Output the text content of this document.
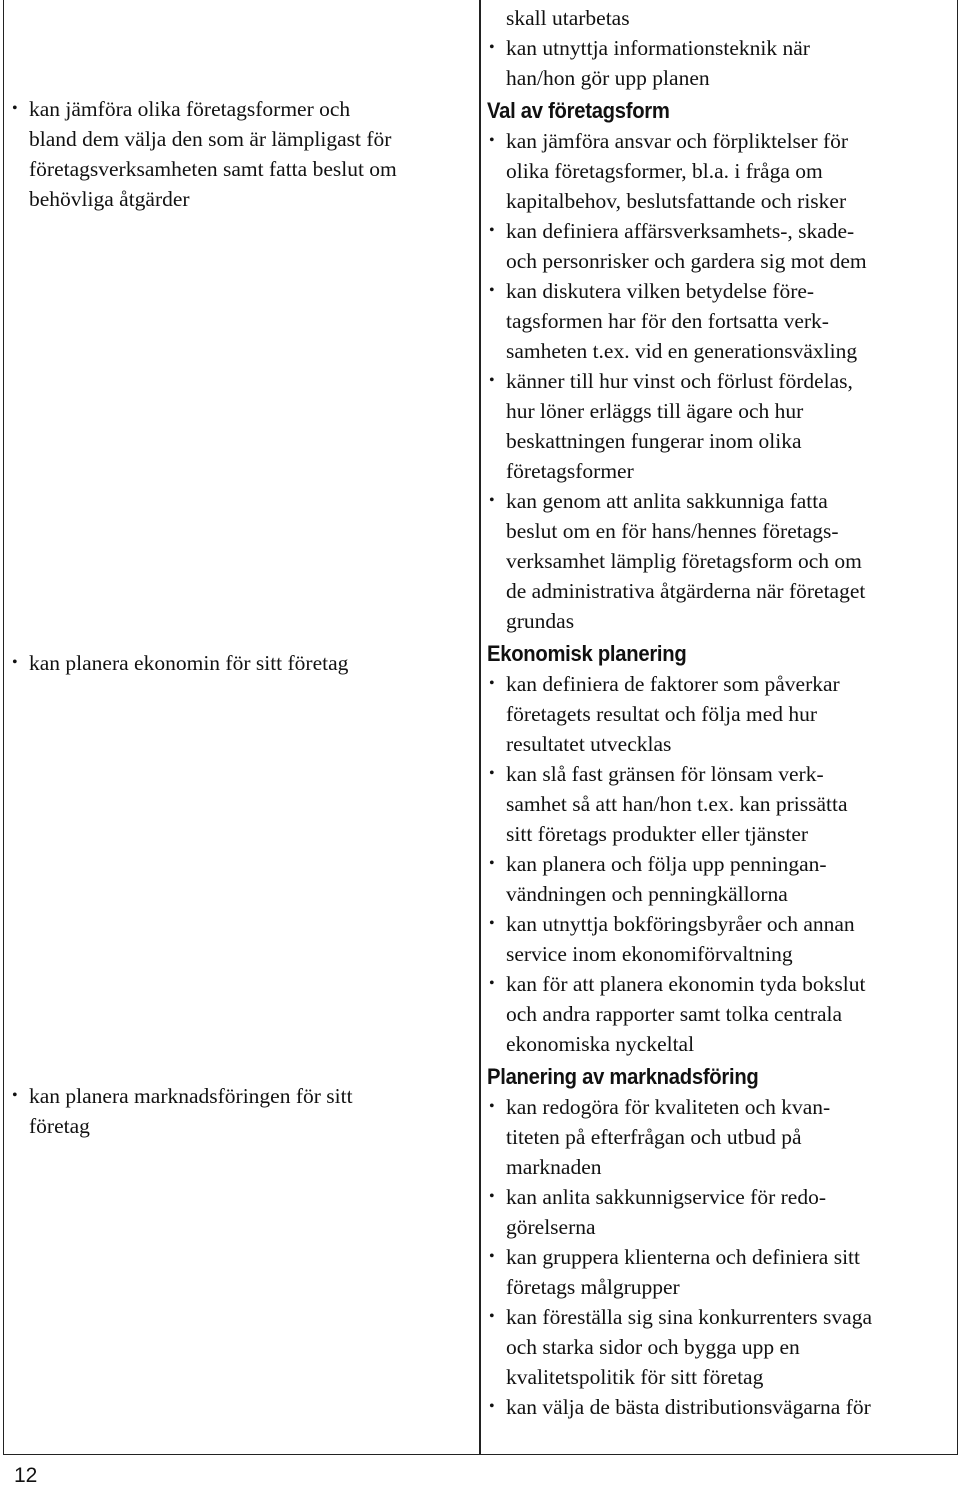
• kan jämföra olika företagsformer och
bland dem välja den som är lämpligast för
företagsverksamheten samt fatta beslut om
behövliga åtgärder
• kan planera ekonomin för sitt företag
• kan planera marknadsföringen för sitt
företag
skall utarbetas
• kan utnyttja informationsteknik när
han/hon gör upp planen
Val av företagsform
• kan jämföra ansvar och förpliktelser för
olika företagsformer, bl.a. i fråga om
kapitalbehov, beslutsfattande och risker
• kan definiera affärsverksamhets-, skade-
och personrisker och gardera sig mot dem
• kan diskutera vilken betydelse före-
tagsformen har för den fortsatta verk-
samheten t.ex. vid en generationsväxling
• känner till hur vinst och förlust fördelas,
hur löner erläggs till ägare och hur
beskattningen fungerar inom olika
företagsformer
• kan genom att anlita sakkunniga fatta
beslut om en för hans/hennes företags-
verksamhet lämplig företagsform och om
de administrativa åtgärderna när företaget
grundas
Ekonomisk planering
• kan definiera de faktorer som påverkar
företagets resultat och följa med hur
resultatet utvecklas
• kan slå fast gränsen för lönsam verk-
samhet så att han/hon t.ex. kan prissätta
sitt företags produkter eller tjänster
• kan planera och följa upp penningan-
vändningen och penningkällorna
• kan utnyttja bokföringsbyråer och annan
service inom ekonomiförvaltning
• kan för att planera ekonomin tyda bokslut
och andra rapporter samt tolka centrala
ekonomiska nyckeltal
Planering av marknadsföring
• kan redogöra för kvaliteten och kvan-
titeten på efterfrågan och utbud på
marknaden
• kan anlita sakkunnigservice för redo-
görelserna
• kan gruppera klienterna och definiera sitt
företags målgrupper
• kan föreställa sig sina konkurrenters svaga
och starka sidor och bygga upp en
kvalitetspolitik för sitt företag
• kan välja de bästa distributionsvägarna för
12
